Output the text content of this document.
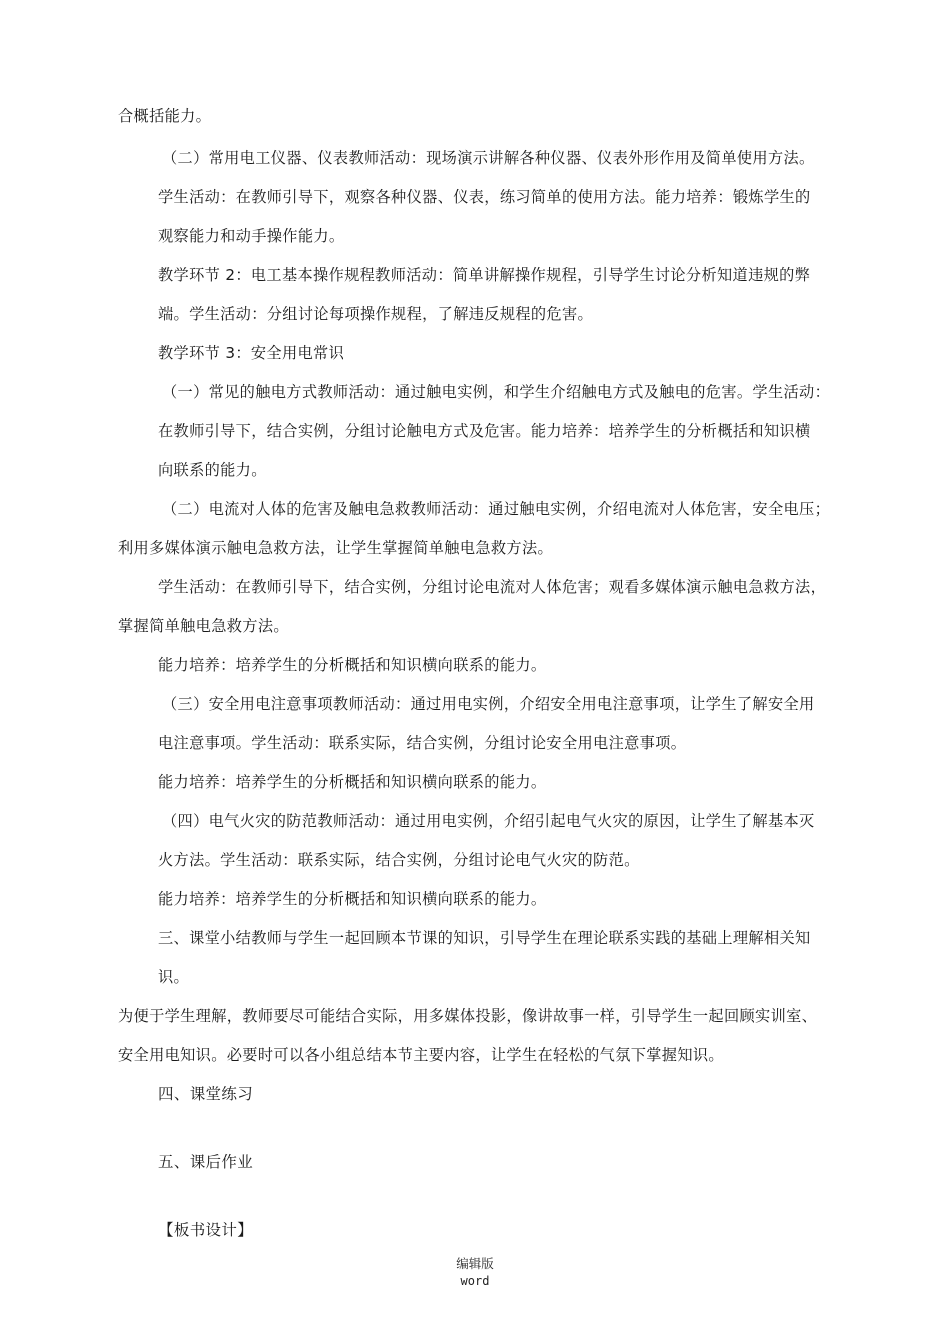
合概括能力。
（二）常用电工仪器、仪表教师活动：现场演示讲解各种仪器、仪表外形作用及简单使用方法。
学生活动：在教师引导下，观察各种仪器、仪表，练习简单的使用方法。能力培养：锻炼学生的
观察能力和动手操作能力。
教学环节 2：电工基本操作规程教师活动：简单讲解操作规程，引导学生讨论分析知道违规的弊
端。学生活动：分组讨论每项操作规程，了解违反规程的危害。
教学环节 3：安全用电常识
（一）常见的触电方式教师活动：通过触电实例，和学生介绍触电方式及触电的危害。学生活动：
在教师引导下，结合实例，分组讨论触电方式及危害。能力培养：培养学生的分析概括和知识横
向联系的能力。
（二）电流对人体的危害及触电急救教师活动：通过触电实例，介绍电流对人体危害，安全电压；
利用多媒体演示触电急救方法，让学生掌握简单触电急救方法。
学生活动：在教师引导下，结合实例，分组讨论电流对人体危害；观看多媒体演示触电急救方法，
掌握简单触电急救方法。
能力培养：培养学生的分析概括和知识横向联系的能力。
（三）安全用电注意事项教师活动：通过用电实例，介绍安全用电注意事项，让学生了解安全用
电注意事项。学生活动：联系实际，结合实例，分组讨论安全用电注意事项。
能力培养：培养学生的分析概括和知识横向联系的能力。
（四）电气火灾的防范教师活动：通过用电实例，介绍引起电气火灾的原因，让学生了解基本灭
火方法。学生活动：联系实际，结合实例，分组讨论电气火灾的防范。
能力培养：培养学生的分析概括和知识横向联系的能力。
三、课堂小结教师与学生一起回顾本节课的知识，引导学生在理论联系实践的基础上理解相关知
识。
为便于学生理解，教师要尽可能结合实际，用多媒体投影，像讲故事一样，引导学生一起回顾实训室、
安全用电知识。必要时可以各小组总结本节主要内容，让学生在轻松的气氛下掌握知识。
四、课堂练习
五、课后作业
【板书设计】
编辑版
word
